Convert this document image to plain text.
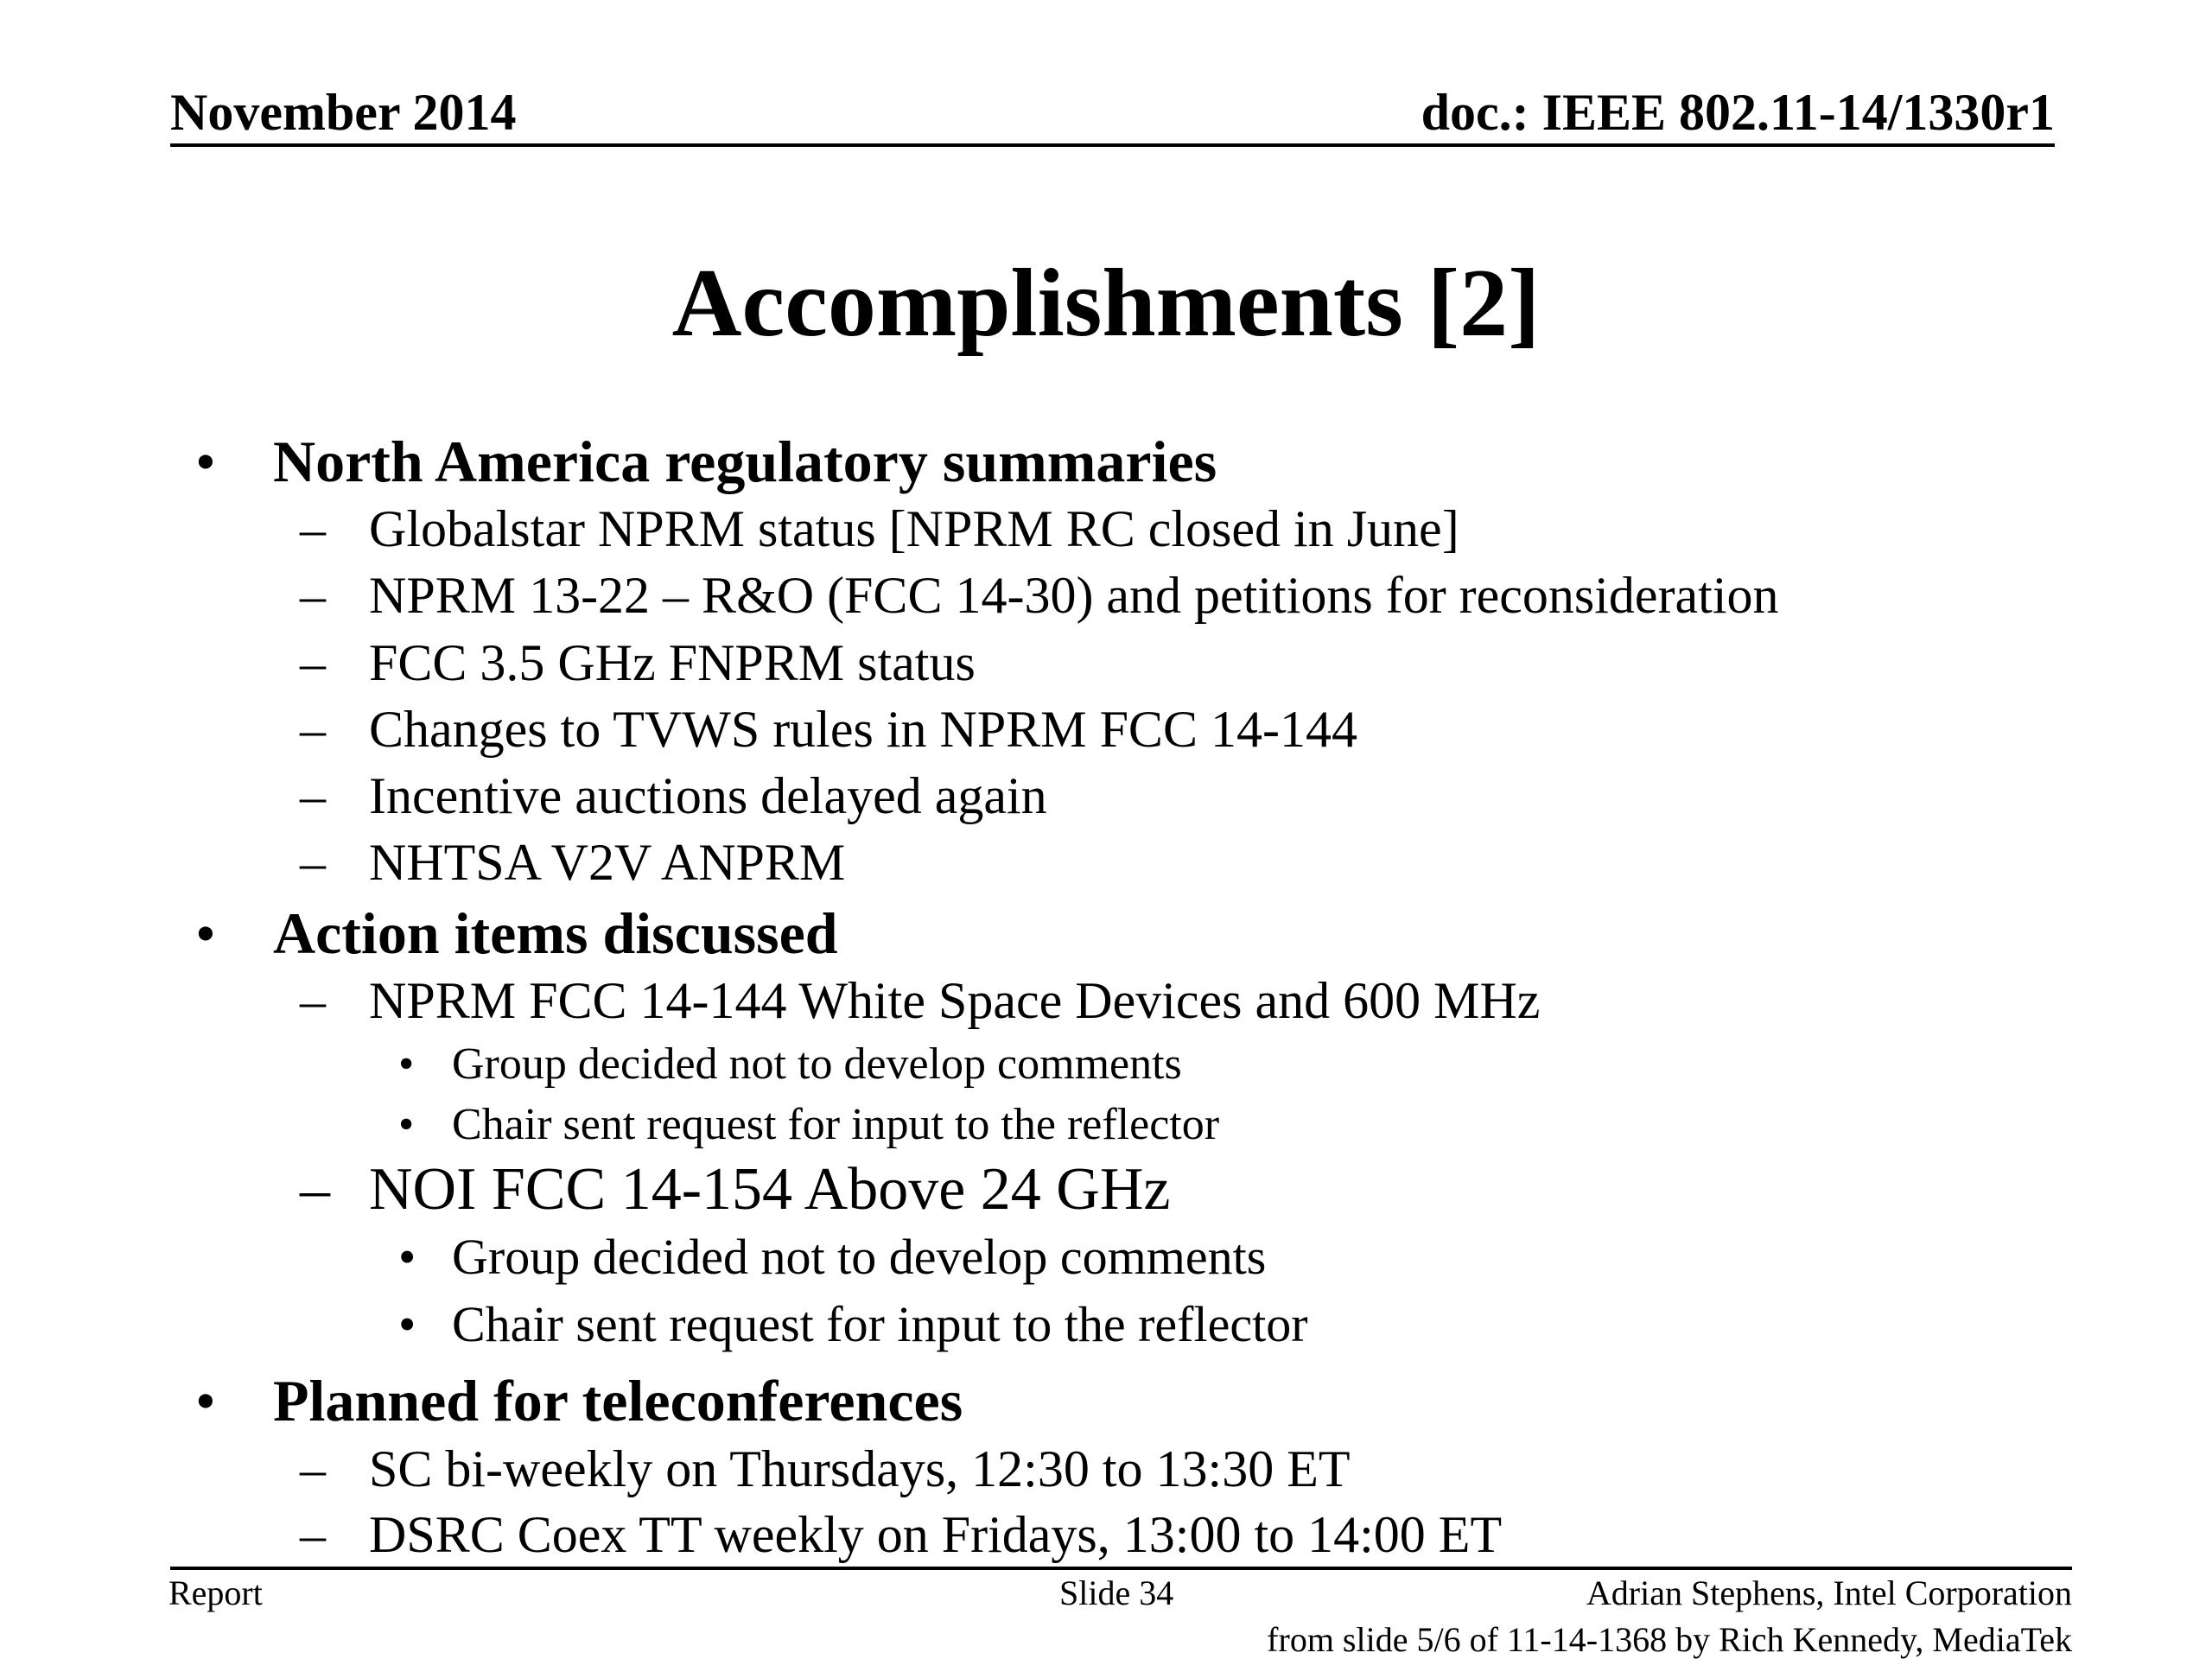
November 2014	doc.: IEEE 802.11-14/1330r1
Accomplishments [2]
• North America regulatory summaries
– Globalstar NPRM status [NPRM RC closed in June]
– NPRM 13-22 – R&O (FCC 14-30) and petitions for reconsideration
– FCC 3.5 GHz FNPRM status
– Changes to TVWS rules in NPRM FCC 14-144
– Incentive auctions delayed again
– NHTSA V2V ANPRM
• Action items discussed
– NPRM FCC 14-144 White Space Devices and 600 MHz
• Group decided not to develop comments
• Chair sent request for input to the reflector
– NOI FCC 14-154 Above 24 GHz
• Group decided not to develop comments
• Chair sent request for input to the reflector
• Planned for teleconferences
– SC bi-weekly on Thursdays, 12:30 to 13:30 ET
– DSRC Coex TT weekly on Fridays, 13:00 to 14:00 ET
Report	Slide 34	Adrian Stephens, Intel Corporation
from slide 5/6 of 11-14-1368 by Rich Kennedy, MediaTek
